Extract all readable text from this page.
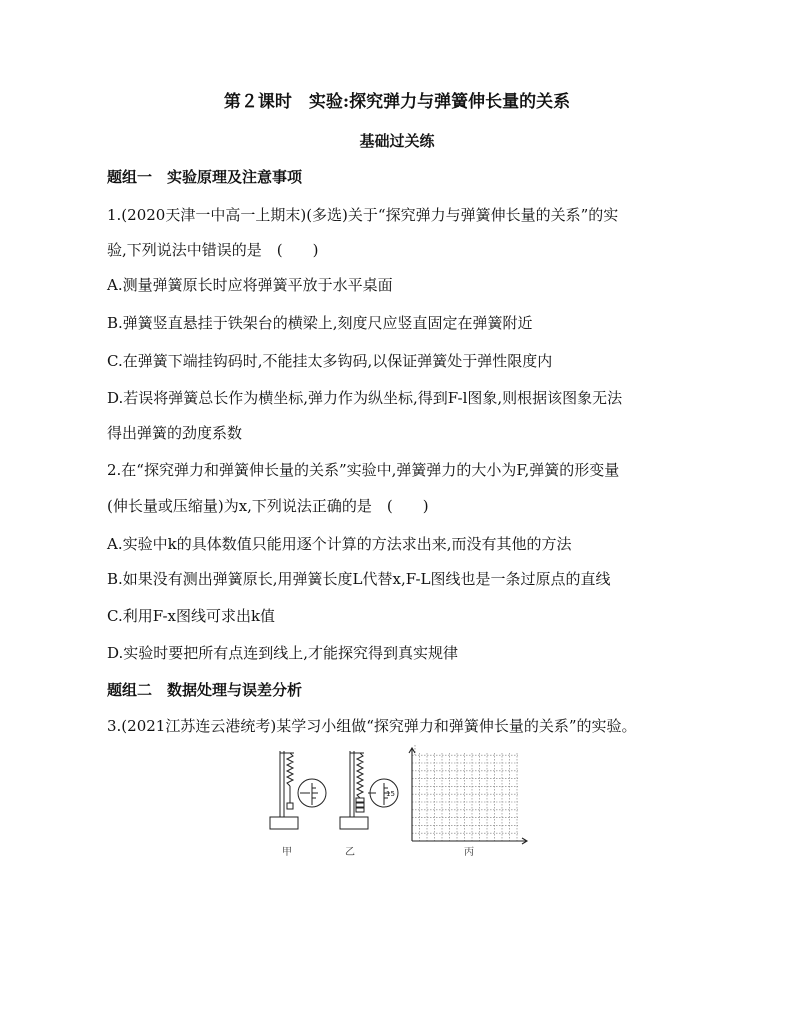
第２课时　实验:探究弹力与弹簧伸长量的关系
基础过关练
题组一　实验原理及注意事项
1.(2020天津一中高一上期末)(多选)关于“探究弹力与弹簧伸长量的关系”的实
验,下列说法中错误的是　(　　)
A.测量弹簧原长时应将弹簧平放于水平桌面
B.弹簧竖直悬挂于铁架台的横梁上,刻度尺应竖直固定在弹簧附近
C.在弹簧下端挂钩码时,不能挂太多钩码,以保证弹簧处于弹性限度内
D.若误将弹簧总长作为横坐标,弹力作为纵坐标,得到F-l图象,则根据该图象无法
得出弹簧的劲度系数
2.在“探究弹力和弹簧伸长量的关系”实验中,弹簧弹力的大小为F,弹簧的形变量
(伸长量或压缩量)为x,下列说法正确的是　(　　)
A.实验中k的具体数值只能用逐个计算的方法求出来,而没有其他的方法
B.如果没有测出弹簧原长,用弹簧长度L代替x,F-L图线也是一条过原点的直线
C.利用F-x图线可求出k值
D.实验时要把所有点连到线上,才能探究得到真实规律
题组二　数据处理与误差分析
3.(2021江苏连云港统考)某学习小组做“探究弹力和弹簧伸长量的关系”的实验。
15
甲	乙	丙
